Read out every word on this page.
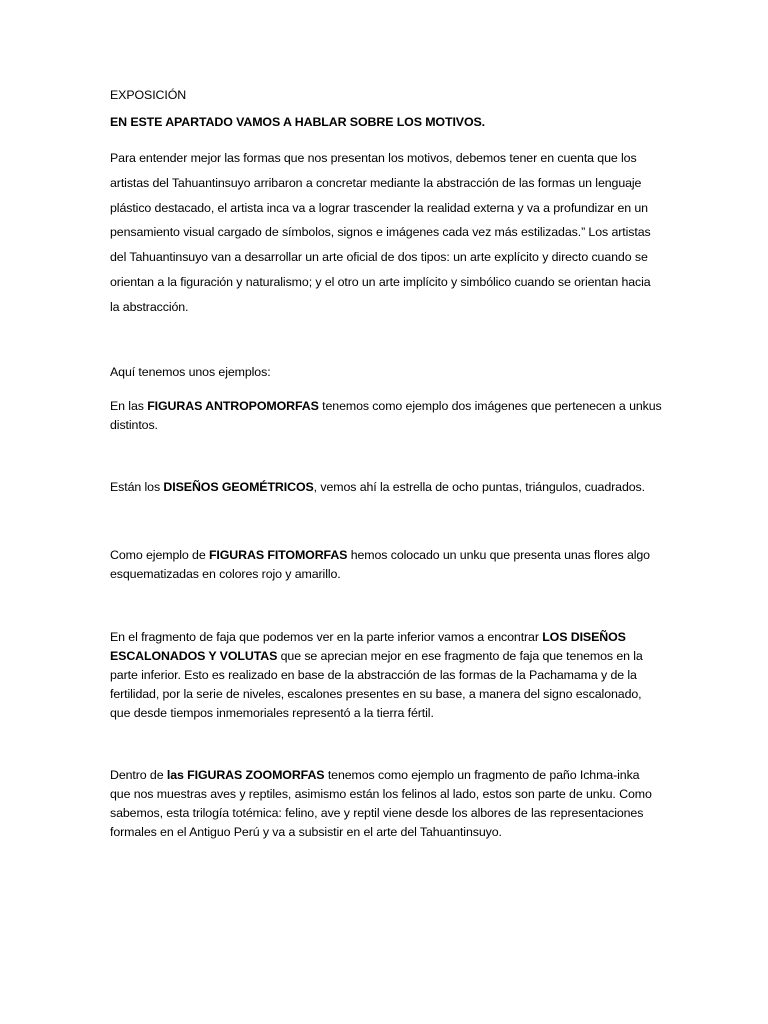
EXPOSICIÓN

EN ESTE APARTADO VAMOS A HABLAR SOBRE LOS MOTIVOS.

Para entender mejor las formas que nos presentan los motivos, debemos tener en cuenta que los artistas del Tahuantinsuyo arribaron a concretar mediante la abstracción de las formas un lenguaje plástico destacado, el artista inca va a lograr trascender la realidad externa y va a profundizar en un pensamiento visual cargado de símbolos, signos e imágenes cada vez más estilizadas.” Los artistas del Tahuantinsuyo van a desarrollar un arte oficial de dos tipos: un arte explícito y directo cuando se orientan a la figuración y naturalismo; y el otro un arte implícito y simbólico cuando se orientan hacia la abstracción.

Aquí tenemos unos ejemplos:

En las FIGURAS ANTROPOMORFAS tenemos como ejemplo dos imágenes que pertenecen a unkus distintos.

Están los DISEÑOS GEOMÉTRICOS, vemos ahí la estrella de ocho puntas, triángulos, cuadrados.

Como ejemplo de FIGURAS FITOMORFAS hemos colocado un unku que presenta unas flores algo esquematizadas en colores rojo y amarillo.

En el fragmento de faja que podemos ver en la parte inferior vamos a encontrar LOS DISEÑOS ESCALONADOS Y VOLUTAS que se aprecian mejor en ese fragmento de faja que tenemos en la parte inferior. Esto es realizado en base de la abstracción de las formas de la Pachamama y de la fertilidad, por la serie de niveles, escalones presentes en su base, a manera del signo escalonado, que desde tiempos inmemoriales representó a la tierra fértil.

Dentro de las FIGURAS ZOOMORFAS tenemos como ejemplo un fragmento de paño Ichma-inka que nos muestras aves y reptiles, asimismo están los felinos al lado, estos son parte de unku. Como sabemos, esta trilogía totémica: felino, ave y reptil viene desde los albores de las representaciones formales en el Antiguo Perú y va a subsistir en el arte del Tahuantinsuyo.
